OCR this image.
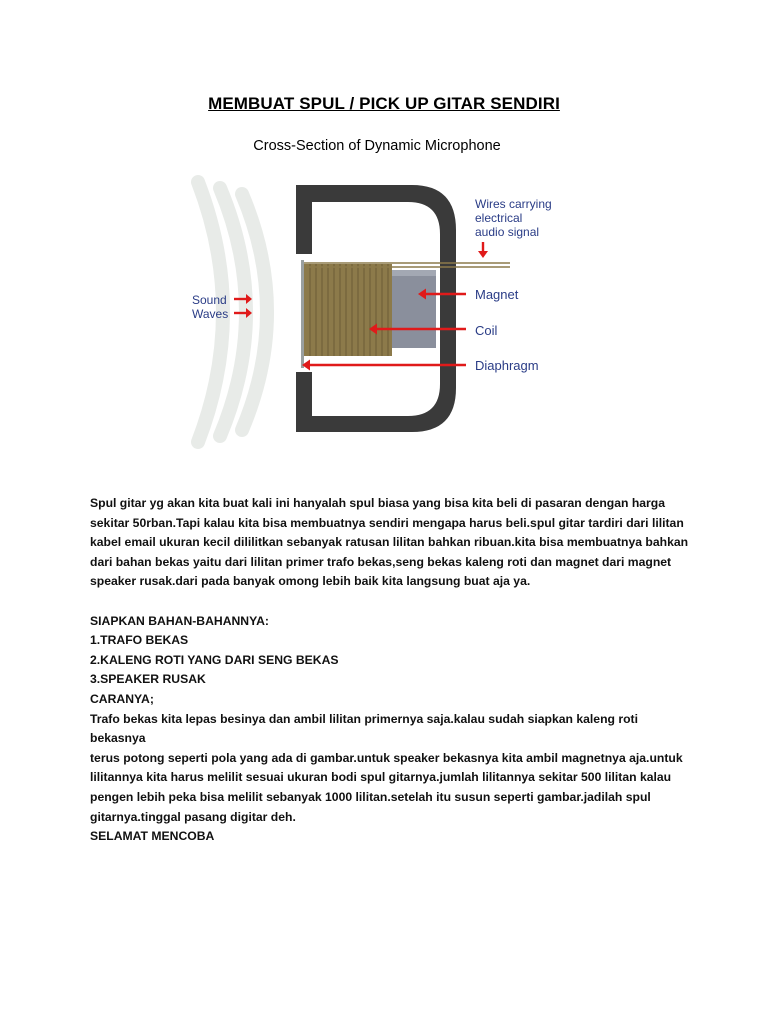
MEMBUAT SPUL / PICK UP GITAR SENDIRI
Cross-Section of Dynamic Microphone
Sound
Waves
Wires carrying
electrical
audio signal
Magnet
Coil
Diaphragm

Spul gitar yg akan kita buat kali ini hanyalah spul biasa yang bisa kita beli di pasaran dengan harga

sekitar 50rban.Tapi kalau kita bisa membuatnya sendiri mengapa harus beli.spul gitar tardiri dari lilitan

kabel email ukuran kecil dililitkan sebanyak ratusan lilitan bahkan ribuan.kita bisa membuatnya bahkan

dari bahan bekas yaitu dari lilitan primer trafo bekas,seng bekas kaleng roti dan magnet dari magnet

speaker rusak.dari pada banyak omong lebih baik kita langsung buat aja ya.

SIAPKAN BAHAN-BAHANNYA:

1.TRAFO BEKAS

2.KALENG ROTI YANG DARI SENG BEKAS

3.SPEAKER RUSAK

CARANYA;

Trafo bekas kita lepas besinya dan ambil lilitan primernya saja.kalau sudah siapkan kaleng roti bekasnya

terus potong seperti pola yang ada di gambar.untuk speaker bekasnya kita ambil magnetnya aja.untuk

lilitannya kita harus melilit sesuai ukuran bodi spul gitarnya.jumlah lilitannya sekitar 500 lilitan kalau

pengen lebih peka bisa melilit sebanyak 1000 lilitan.setelah itu susun seperti gambar.jadilah spul

gitarnya.tinggal pasang digitar deh.

SELAMAT MENCOBA
